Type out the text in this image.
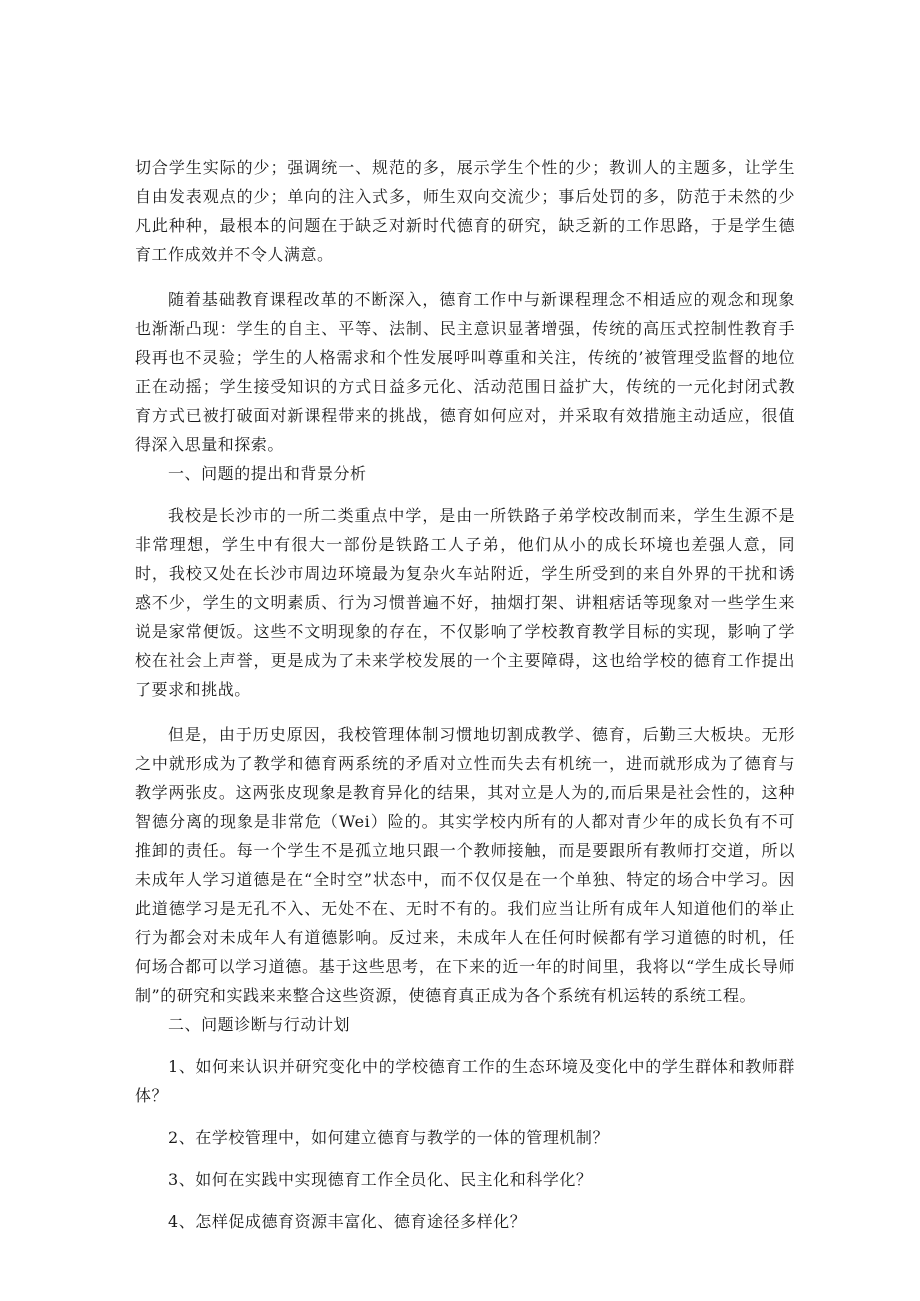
切合学生实际的少；强调统一、规范的多，展示学生个性的少；教训人的主题多，让学生自由发表观点的少；单向的注入式多，师生双向交流少；事后处罚的多，防范于未然的少凡此种种，最根本的问题在于缺乏对新时代德育的研究，缺乏新的工作思路，于是学生德育工作成效并不令人满意。

随着基础教育课程改革的不断深入，德育工作中与新课程理念不相适应的观念和现象也渐渐凸现：学生的自主、平等、法制、民主意识显著增强，传统的高压式控制性教育手段再也不灵验；学生的人格需求和个性发展呼叫尊重和关注，传统的’被管理受监督的地位正在动摇；学生接受知识的方式日益多元化、活动范围日益扩大，传统的一元化封闭式教育方式已被打破面对新课程带来的挑战，德育如何应对，并采取有效措施主动适应，很值得深入思量和探索。

一、问题的提出和背景分析

我校是长沙市的一所二类重点中学，是由一所铁路子弟学校改制而来，学生生源不是非常理想，学生中有很大一部份是铁路工人子弟，他们从小的成长环境也差强人意，同时，我校又处在长沙市周边环境最为复杂火车站附近，学生所受到的来自外界的干扰和诱惑不少，学生的文明素质、行为习惯普遍不好，抽烟打架、讲粗痞话等现象对一些学生来说是家常便饭。这些不文明现象的存在，不仅影响了学校教育教学目标的实现，影响了学校在社会上声誉，更是成为了未来学校发展的一个主要障碍，这也给学校的德育工作提出了要求和挑战。

但是，由于历史原因，我校管理体制习惯地切割成教学、德育，后勤三大板块。无形之中就形成为了教学和德育两系统的矛盾对立性而失去有机统一，进而就形成为了德育与教学两张皮。这两张皮现象是教育异化的结果，其对立是人为的,而后果是社会性的，这种智德分离的现象是非常危（Wei）险的。其实学校内所有的人都对青少年的成长负有不可推卸的责任。每一个学生不是孤立地只跟一个教师接触，而是要跟所有教师打交道，所以未成年人学习道德是在“全时空”状态中，而不仅仅是在一个单独、特定的场合中学习。因此道德学习是无孔不入、无处不在、无时不有的。我们应当让所有成年人知道他们的举止行为都会对未成年人有道德影响。反过来，未成年人在任何时候都有学习道德的时机，任何场合都可以学习道德。基于这些思考，在下来的近一年的时间里，我将以“学生成长导师制”的研究和实践来来整合这些资源，使德育真正成为各个系统有机运转的系统工程。

二、问题诊断与行动计划

1、如何来认识并研究变化中的学校德育工作的生态环境及变化中的学生群体和教师群体？

2、在学校管理中，如何建立德育与教学的一体的管理机制？

3、如何在实践中实现德育工作全员化、民主化和科学化？

4、怎样促成德育资源丰富化、德育途径多样化？
